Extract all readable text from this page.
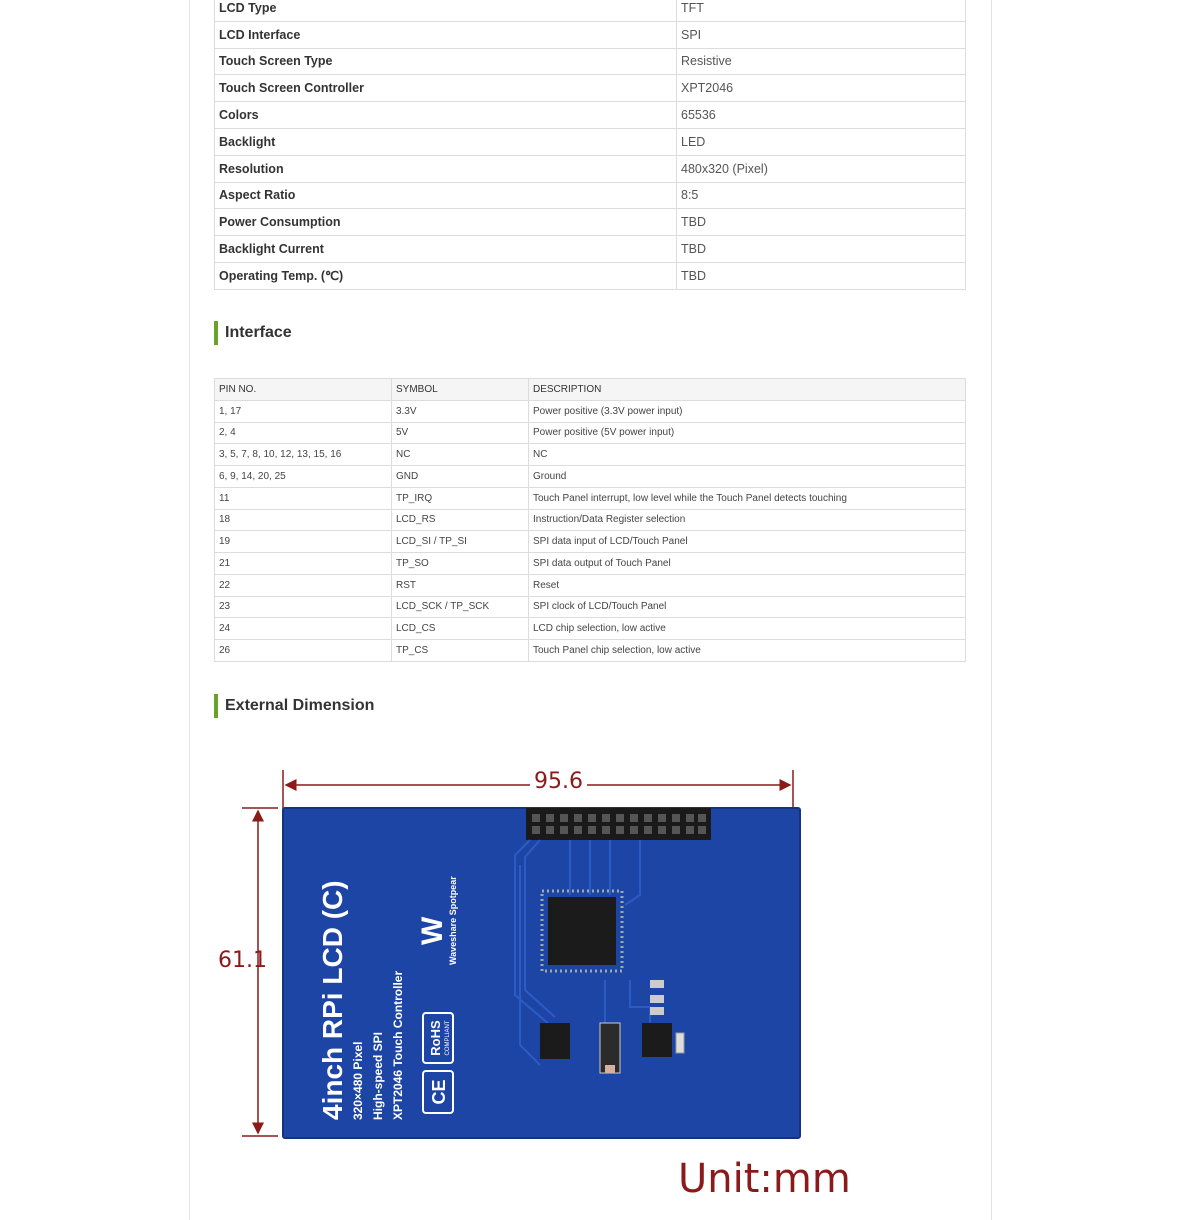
LCD Type	TFT
LCD Interface	SPI
Touch Screen Type	Resistive
Touch Screen Controller	XPT2046
Colors	65536
Backlight	LED
Resolution	480x320 (Pixel)
Aspect Ratio	8:5
Power Consumption	TBD
Backlight Current	TBD
Operating Temp. (℃)	TBD
Interface
PIN NO.	SYMBOL	DESCRIPTION
1, 17	3.3V	Power positive (3.3V power input)
2, 4	5V	Power positive (5V power input)
3, 5, 7, 8, 10, 12, 13, 15, 16	NC	NC
6, 9, 14, 20, 25	GND	Ground
11	TP_IRQ	Touch Panel interrupt, low level while the Touch Panel detects touching
18	LCD_RS	Instruction/Data Register selection
19	LCD_SI / TP_SI	SPI data input of LCD/Touch Panel
21	TP_SO	SPI data output of Touch Panel
22	RST	Reset
23	LCD_SCK / TP_SCK	SPI clock of LCD/Touch Panel
24	LCD_CS	LCD chip selection, low active
26	TP_CS	Touch Panel chip selection, low active
External Dimension
CE
RoHS COMPLIANT
W
4inch RPi LCD (C) 320×480 Pixel High-speed SPI XPT2046 Touch Controller
Waveshare Spotpear
95.6
61.1
Unit:mm
